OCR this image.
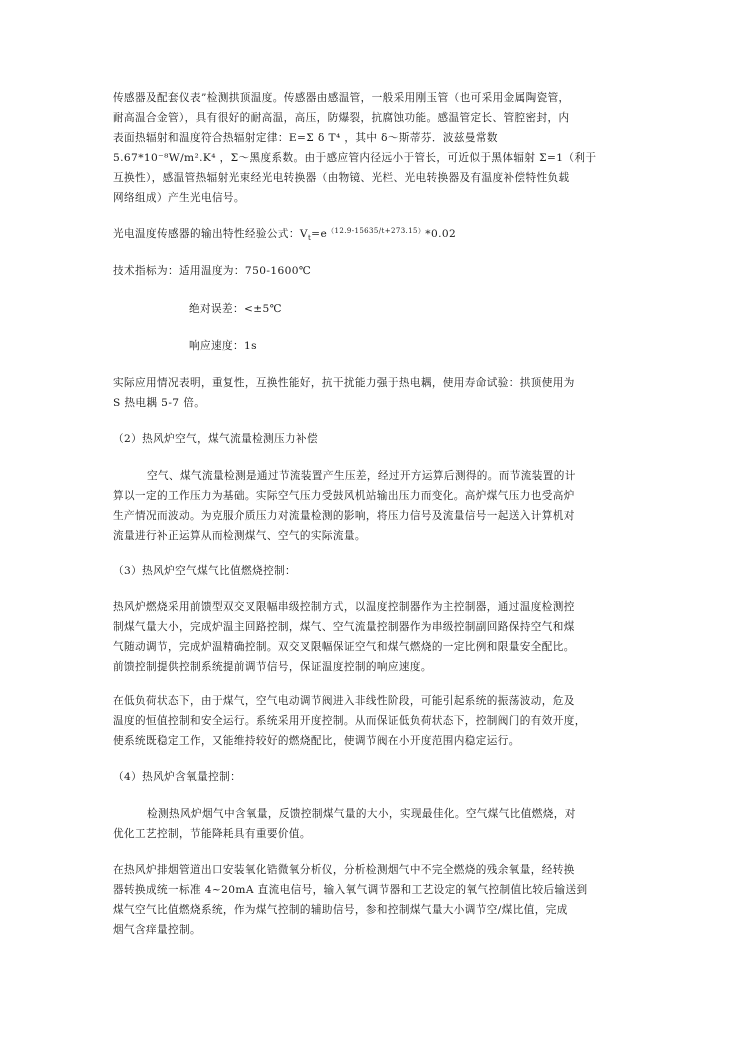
传感器及配套仪表”检测拱顶温度。传感器由感温管，一般采用刚玉管（也可采用金属陶瓷管，
耐高温合金管），具有很好的耐高温，高压，防爆裂，抗腐蚀功能。感温管定长、管腔密封，内
表面热辐射和温度符合热辐射定律：E=Σ δ T⁴ ，其中 δ～斯蒂芬．波兹曼常数
5.67*10⁻⁸W/m².K⁴ ，Σ～黑度系数。由于感应管内径远小于管长，可近似于黑体辐射 Σ=1（利于
互换性），感温管热辐射光束经光电转换器（由物镜、光栏、光电转换器及有温度补偿特性负载
网络组成）产生光电信号。
光电温度传感器的输出特性经验公式：$V_t=e^{(12.9-15635/t+273.15)}*0.02$
技术指标为：适用温度为：750-1600℃
绝对误差：<±5℃
响应速度：1s
实际应用情况表明，重复性，互换性能好，抗干扰能力强于热电耦，使用寿命试验：拱顶使用为
S 热电耦 5-7 倍。
（2）热风炉空气，煤气流量检测压力补偿
空气、煤气流量检测是通过节流装置产生压差，经过开方运算后测得的。而节流装置的计
算以一定的工作压力为基础。实际空气压力受鼓风机站输出压力而变化。高炉煤气压力也受高炉
生产情况而波动。为克服介质压力对流量检测的影响，将压力信号及流量信号一起送入计算机对
流量进行补正运算从而检测煤气、空气的实际流量。
（3）热风炉空气煤气比值燃烧控制：
热风炉燃烧采用前馈型双交叉限幅串级控制方式，以温度控制器作为主控制器，通过温度检测控
制煤气量大小，完成炉温主回路控制，煤气、空气流量控制器作为串级控制副回路保持空气和煤
气随动调节，完成炉温精确控制。双交叉限幅保证空气和煤气燃烧的一定比例和限量安全配比。
前馈控制提供控制系统提前调节信号，保证温度控制的响应速度。
在低负荷状态下，由于煤气，空气电动调节阀进入非线性阶段，可能引起系统的振荡波动，危及
温度的恒值控制和安全运行。系统采用开度控制。从而保证低负荷状态下，控制阀门的有效开度，
使系统既稳定工作，又能维持较好的燃烧配比，使调节阀在小开度范围内稳定运行。
（4）热风炉含氧量控制：
检测热风炉烟气中含氧量，反馈控制煤气量的大小，实现最佳化。空气煤气比值燃烧，对
优化工艺控制，节能降耗具有重要价值。
在热风炉排烟管道出口安装氧化锆微氧分析仪，分析检测烟气中不完全燃烧的残余氧量，经转换
器转换成统一标准 4~20mA 直流电信号，输入氧气调节器和工艺设定的氧气控制值比较后输送到
煤气空气比值燃烧系统，作为煤气控制的辅助信号，参和控制煤气量大小调节空/煤比值，完成
烟气含痒量控制。
